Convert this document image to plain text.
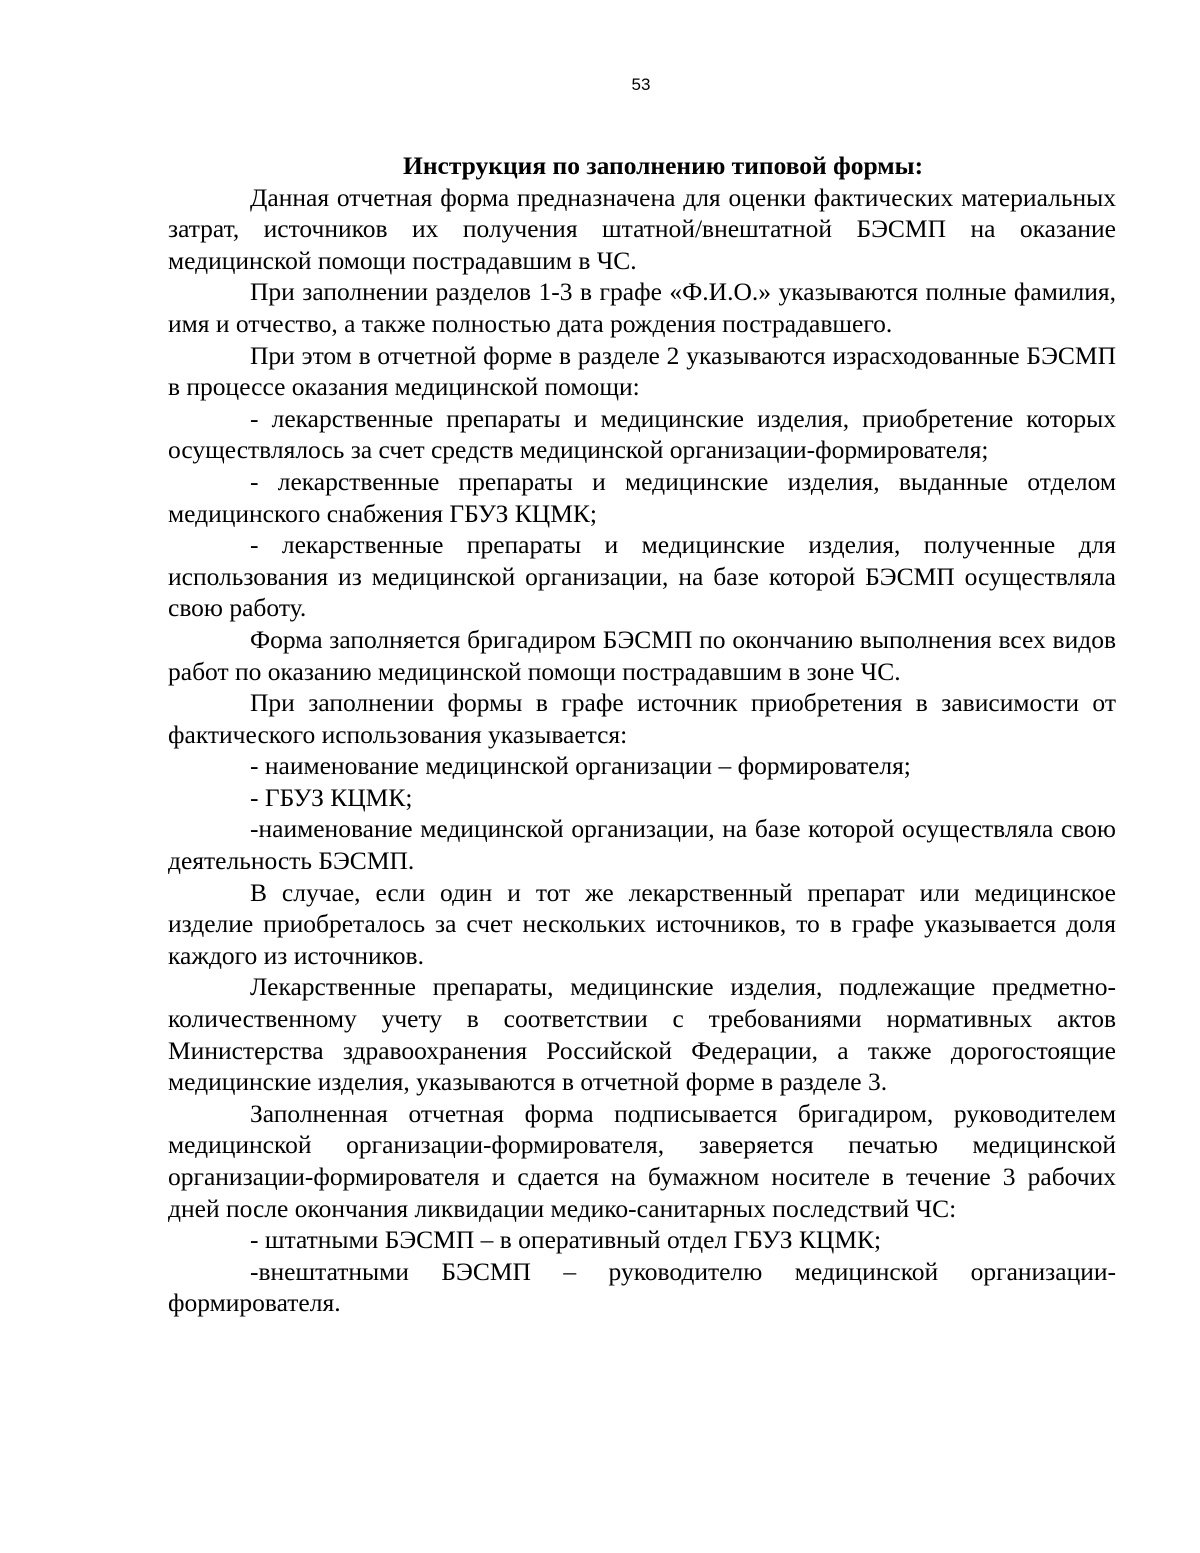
53
Инструкция по заполнению типовой формы:

Данная отчетная форма предназначена для оценки фактических материальных затрат, источников их получения штатной/внештатной БЭСМП на оказание медицинской помощи пострадавшим в ЧС.

При заполнении разделов 1-3 в графе «Ф.И.О.» указываются полные фамилия, имя и отчество, а также полностью дата рождения пострадавшего.

При этом в отчетной форме в разделе 2 указываются израсходованные БЭСМП в процессе оказания медицинской помощи:

- лекарственные препараты и медицинские изделия, приобретение которых осуществлялось за счет средств медицинской организации-формирователя;

- лекарственные препараты и медицинские изделия, выданные отделом медицинского снабжения ГБУЗ КЦМК;

- лекарственные препараты и медицинские изделия, полученные для использования из медицинской организации, на базе которой БЭСМП осуществляла свою работу.

Форма заполняется бригадиром БЭСМП по окончанию выполнения всех видов работ по оказанию медицинской помощи пострадавшим в зоне ЧС.

При заполнении формы в графе источник приобретения в зависимости от фактического использования указывается:

- наименование медицинской организации – формирователя;

- ГБУЗ КЦМК;

-наименование медицинской организации, на базе которой осуществляла свою деятельность БЭСМП.

В случае, если один и тот же лекарственный препарат или медицинское изделие приобреталось за счет нескольких источников, то в графе указывается доля каждого из источников.

Лекарственные препараты, медицинские изделия, подлежащие предметно-количественному учету в соответствии с требованиями нормативных актов Министерства здравоохранения Российской Федерации, а также дорогостоящие медицинские изделия, указываются в отчетной форме в разделе 3.

Заполненная отчетная форма подписывается бригадиром, руководителем медицинской организации-формирователя, заверяется печатью медицинской организации-формирователя и сдается на бумажном носителе в течение 3 рабочих дней после окончания ликвидации медико-санитарных последствий ЧС:

- штатными БЭСМП – в оперативный отдел ГБУЗ КЦМК;

-внештатными БЭСМП – руководителю медицинской организации-формирователя.
